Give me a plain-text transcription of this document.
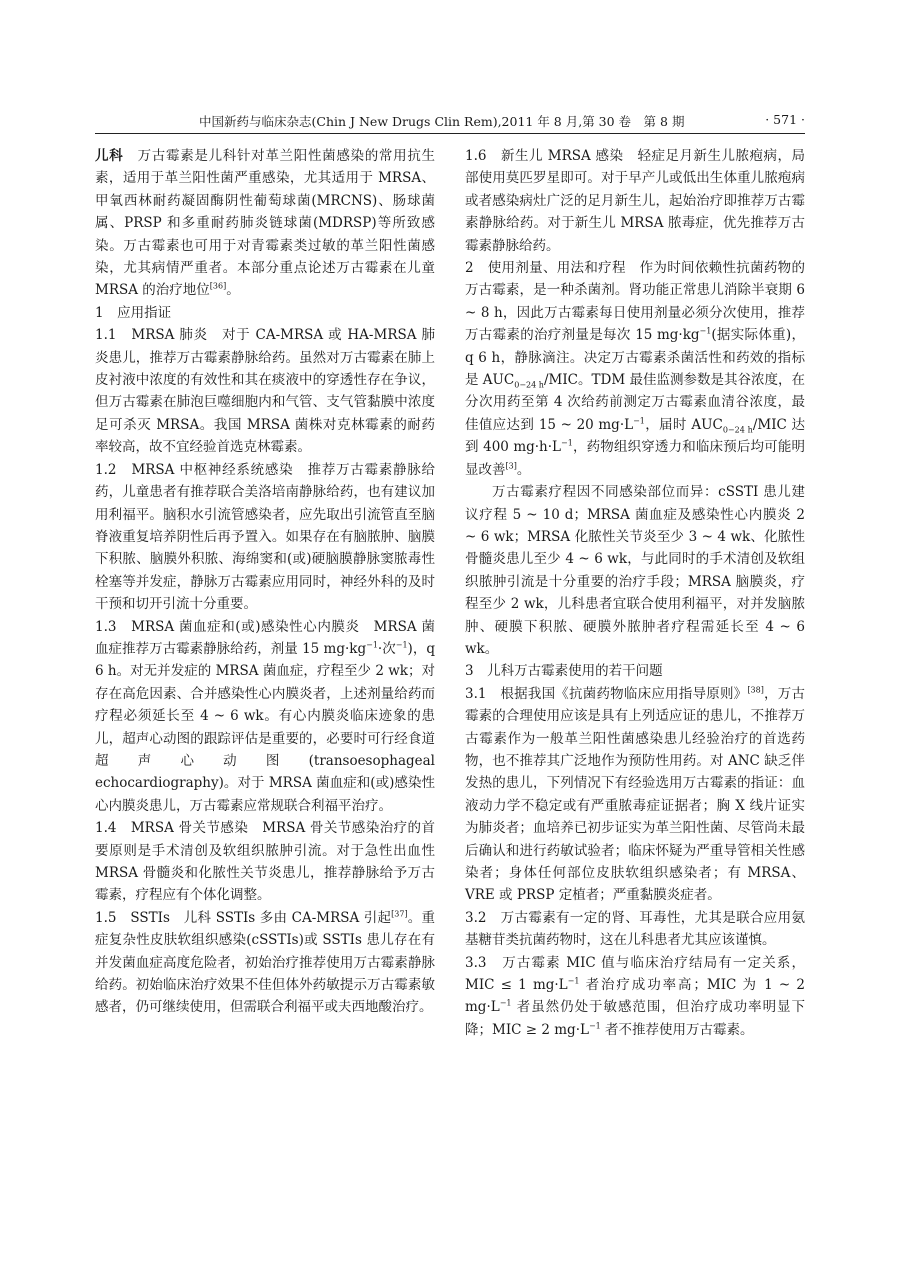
中国新药与临床杂志(Chin J New Drugs Clin Rem),2011 年 8 月,第 30 卷　第 8 期	· 571 ·

儿科　万古霉素是儿科针对革兰阳性菌感染的常用抗生素，适用于革兰阳性菌严重感染，尤其适用于 MRSA、甲氧西林耐药凝固酶阴性葡萄球菌(MRCNS)、肠球菌属、PRSP 和多重耐药肺炎链球菌(MDRSP)等所致感染。万古霉素也可用于对青霉素类过敏的革兰阳性菌感染，尤其病情严重者。本部分重点论述万古霉素在儿童 MRSA 的治疗地位[36]。

1　应用指证

1.1　MRSA 肺炎　对于 CA-MRSA 或 HA-MRSA 肺炎患儿，推荐万古霉素静脉给药。虽然对万古霉素在肺上皮衬液中浓度的有效性和其在痰液中的穿透性存在争议，但万古霉素在肺泡巨噬细胞内和气管、支气管黏膜中浓度足可杀灭 MRSA。我国 MRSA 菌株对克林霉素的耐药率较高，故不宜经验首选克林霉素。

1.2　MRSA 中枢神经系统感染　推荐万古霉素静脉给药，儿童患者有推荐联合美洛培南静脉给药，也有建议加用利福平。脑积水引流管感染者，应先取出引流管直至脑脊液重复培养阴性后再予置入。如果存在有脑脓肿、脑膜下积脓、脑膜外积脓、海绵窦和(或)硬脑膜静脉窦脓毒性栓塞等并发症，静脉万古霉素应用同时，神经外科的及时干预和切开引流十分重要。

1.3　MRSA 菌血症和(或)感染性心内膜炎　MRSA 菌血症推荐万古霉素静脉给药，剂量 15 $mg\cdot kg^{-1}\cdot$次$^{-1}$)，q 6 h。对无并发症的 MRSA 菌血症，疗程至少 2 wk；对存在高危因素、合并感染性心内膜炎者，上述剂量给药而疗程必须延长至 4 ~ 6 wk。有心内膜炎临床迹象的患儿，超声心动图的跟踪评估是重要的，必要时可行经食道超声心动图(transoesophageal echocardiography)。对于 MRSA 菌血症和(或)感染性心内膜炎患儿，万古霉素应常规联合利福平治疗。

1.4　MRSA 骨关节感染　MRSA 骨关节感染治疗的首要原则是手术清创及软组织脓肿引流。对于急性出血性 MRSA 骨髓炎和化脓性关节炎患儿，推荐静脉给予万古霉素，疗程应有个体化调整。

1.5　SSTIs　儿科 SSTIs 多由 CA-MRSA 引起[37]。重症复杂性皮肤软组织感染(cSSTIs)或 SSTIs 患儿存在有并发菌血症高度危险者，初始治疗推荐使用万古霉素静脉给药。初始临床治疗效果不佳但体外药敏提示万古霉素敏感者，仍可继续使用，但需联合利福平或夫西地酸治疗。

1.6　新生儿 MRSA 感染　轻症足月新生儿脓疱病，局部使用莫匹罗星即可。对于早产儿或低出生体重儿脓疱病或者感染病灶广泛的足月新生儿，起始治疗即推荐万古霉素静脉给药。对于新生儿 MRSA 脓毒症，优先推荐万古霉素静脉给药。

2　使用剂量、用法和疗程　作为时间依赖性抗菌药物的万古霉素，是一种杀菌剂。肾功能正常患儿消除半衰期 6 ~ 8 h，因此万古霉素每日使用剂量必须分次使用，推荐万古霉素的治疗剂量是每次 15 $mg\cdot kg^{-1}$(据实际体重)，q 6 h，静脉滴注。决定万古霉素杀菌活性和药效的指标是 $AUC_{0-24 h}$/MIC。TDM 最佳监测参数是其谷浓度，在分次用药至第 4 次给药前测定万古霉素血清谷浓度，最佳值应达到 15 ~ 20 $mg\cdot L^{-1}$，届时 $AUC_{0-24 h}$/MIC 达到 400 $mg\cdot h\cdot L^{-1}$，药物组织穿透力和临床预后均可能明显改善[3]。

万古霉素疗程因不同感染部位而异：cSSTI 患儿建议疗程 5 ~ 10 d；MRSA 菌血症及感染性心内膜炎 2 ~ 6 wk；MRSA 化脓性关节炎至少 3 ~ 4 wk、化脓性骨髓炎患儿至少 4 ~ 6 wk，与此同时的手术清创及软组织脓肿引流是十分重要的治疗手段；MRSA 脑膜炎，疗程至少 2 wk，儿科患者宜联合使用利福平，对并发脑脓肿、硬膜下积脓、硬膜外脓肿者疗程需延长至 4 ~ 6 wk。

3　儿科万古霉素使用的若干问题

3.1　根据我国《抗菌药物临床应用指导原则》[38]，万古霉素的合理使用应该是具有上列适应证的患儿，不推荐万古霉素作为一般革兰阳性菌感染患儿经验治疗的首选药物，也不推荐其广泛地作为预防性用药。对 ANC 缺乏伴发热的患儿，下列情况下有经验选用万古霉素的指证：血液动力学不稳定或有严重脓毒症证据者；胸 X 线片证实为肺炎者；血培养已初步证实为革兰阳性菌、尽管尚未最后确认和进行药敏试验者；临床怀疑为严重导管相关性感染者；身体任何部位皮肤软组织感染者；有 MRSA、VRE 或 PRSP 定植者；严重黏膜炎症者。

3.2　万古霉素有一定的肾、耳毒性，尤其是联合应用氨基糖苷类抗菌药物时，这在儿科患者尤其应该谨慎。

3.3　万古霉素 MIC 值与临床治疗结局有一定关系，MIC ≤ 1 $mg\cdot L^{-1}$ 者治疗成功率高；MIC 为 1 ~ 2 $mg\cdot L^{-1}$ 者虽然仍处于敏感范围，但治疗成功率明显下降；MIC ≥ 2 $mg\cdot L^{-1}$ 者不推荐使用万古霉素。
